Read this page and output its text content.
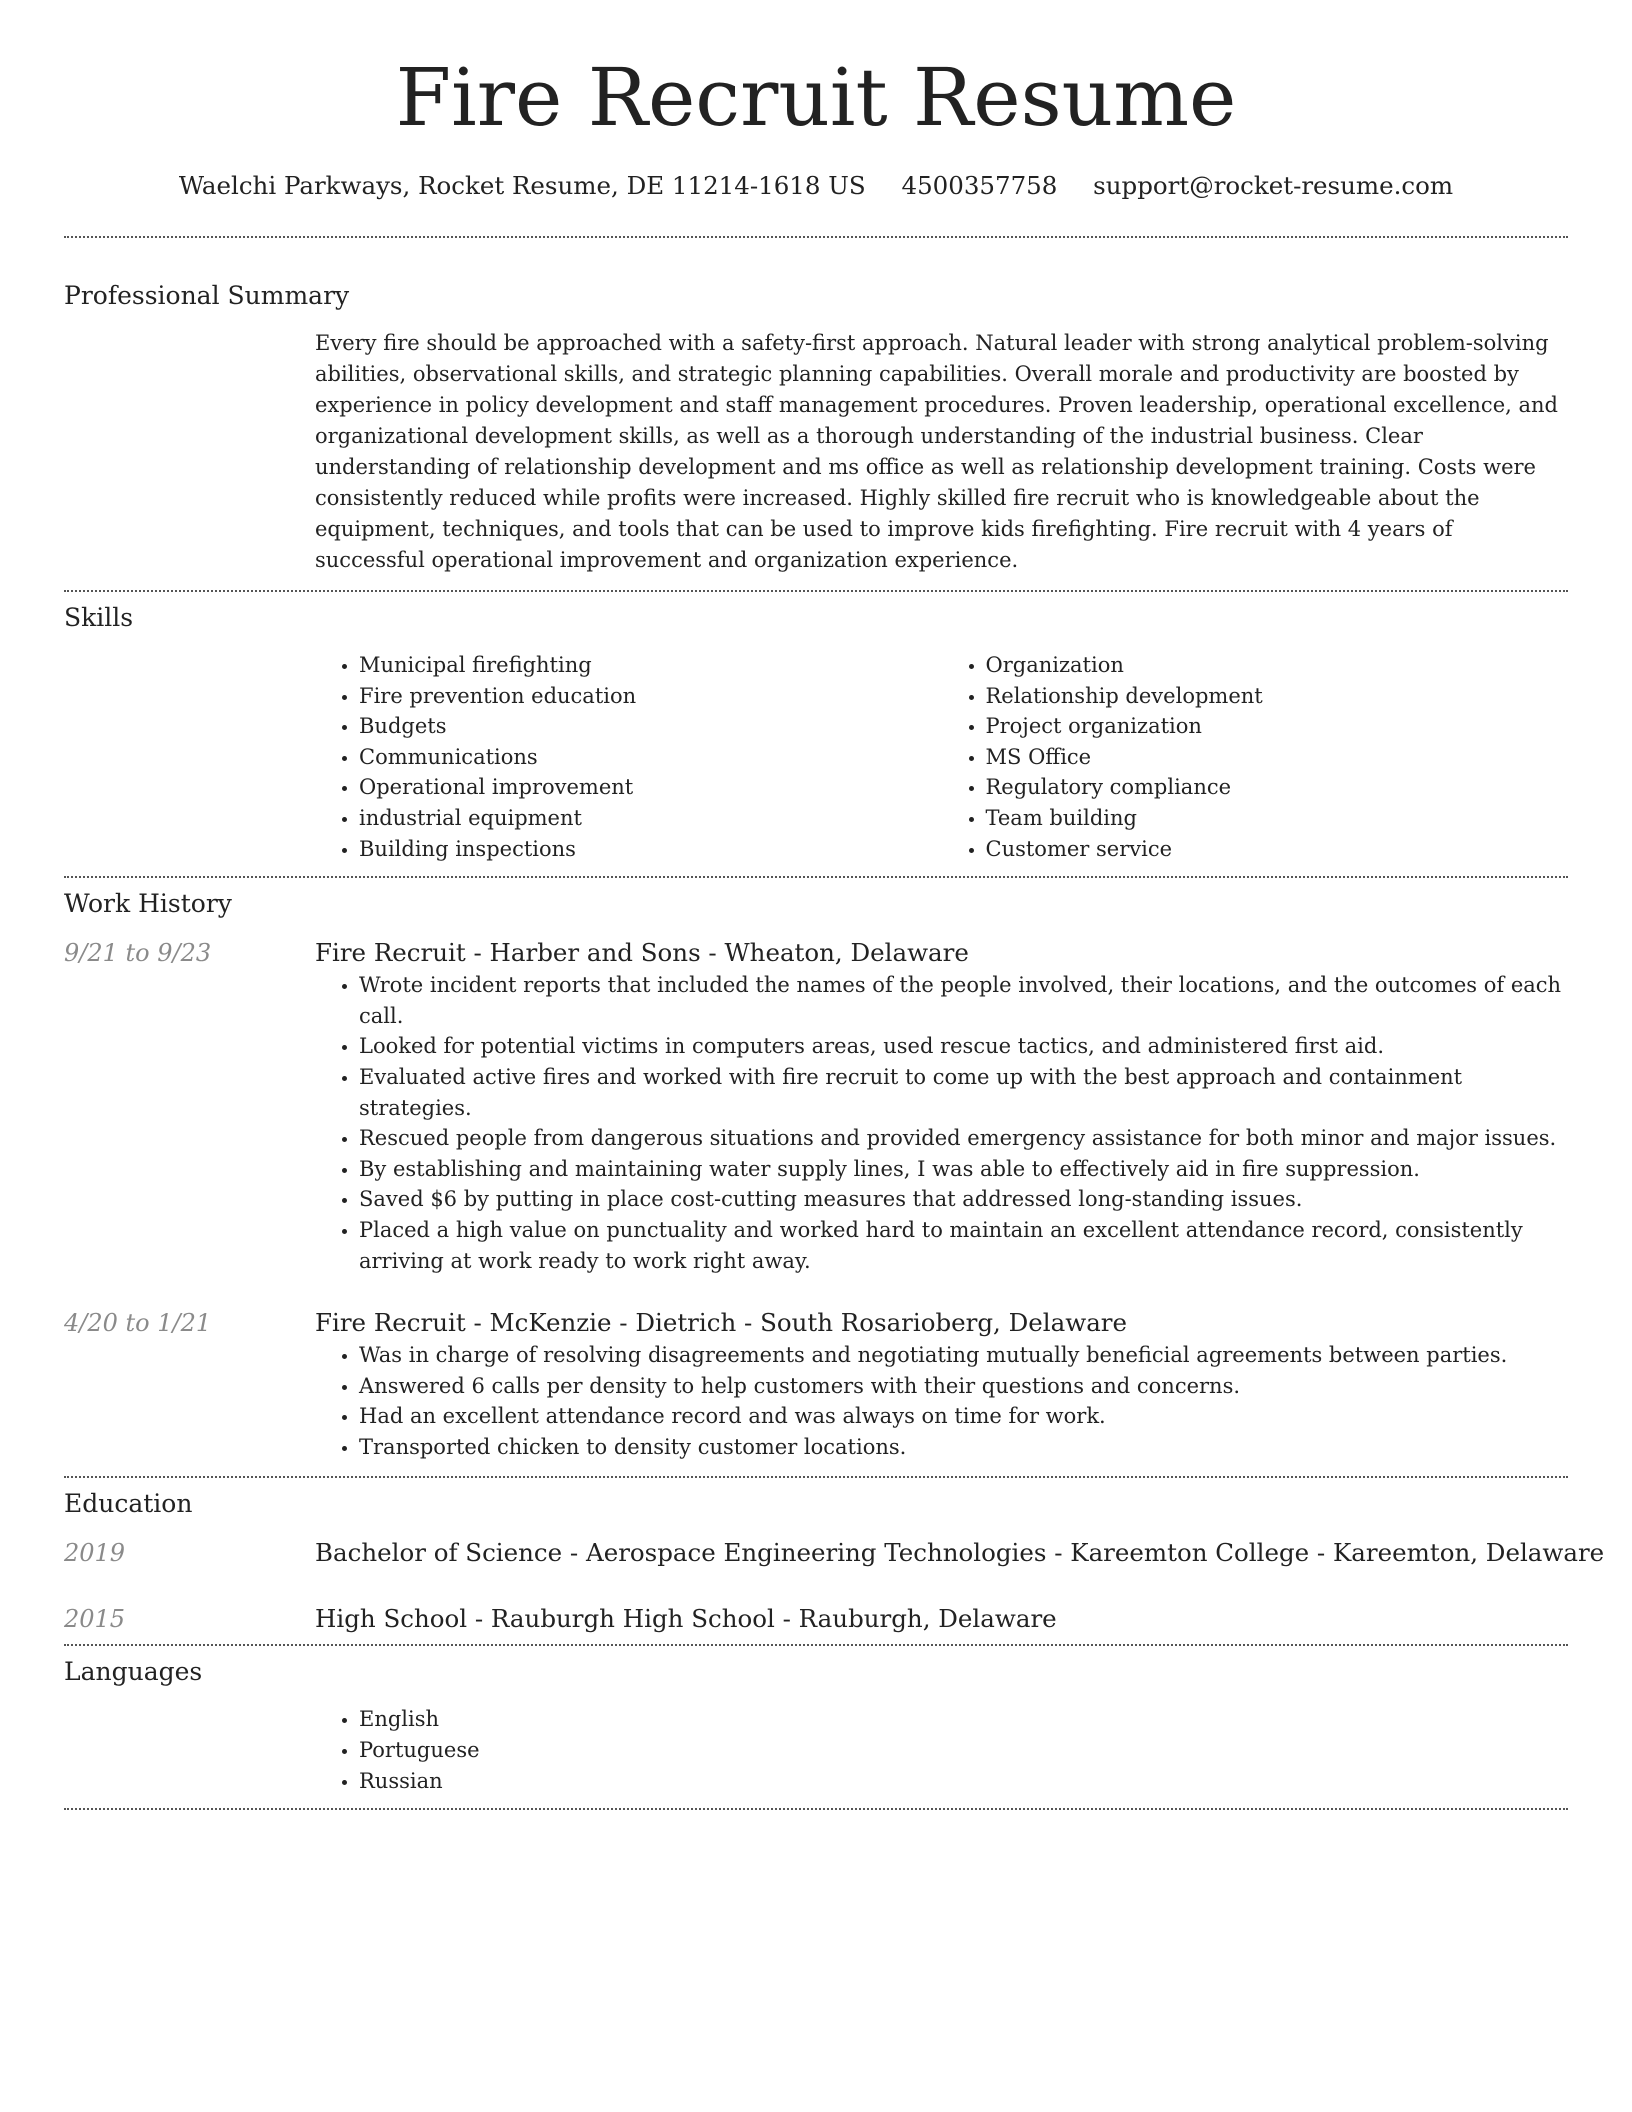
Fire Recruit Resume
Waelchi Parkways, Rocket Resume, DE 11214-1618 US 4500357758 support@rocket-resume.com
Professional Summary

Every fire should be approached with a safety-first approach. Natural leader with strong analytical problem-solving abilities, observational skills, and strategic planning capabilities. Overall morale and productivity are boosted by experience in policy development and staff management procedures. Proven leadership, operational excellence, and organizational development skills, as well as a thorough understanding of the industrial business. Clear understanding of relationship development and ms office as well as relationship development training. Costs were consistently reduced while profits were increased. Highly skilled fire recruit who is knowledgeable about the equipment, techniques, and tools that can be used to improve kids firefighting. Fire recruit with 4 years of successful operational improvement and organization experience.

Skills
• Municipal firefighting
• Fire prevention education
• Budgets
• Communications
• Operational improvement
• industrial equipment
• Building inspections
• Organization
• Relationship development
• Project organization
• MS Office
• Regulatory compliance
• Team building
• Customer service
Work History
9/21 to 9/23	Fire Recruit - Harber and Sons - Wheaton, Delaware
• Wrote incident reports that included the names of the people involved, their locations, and the outcomes of each call.
• Looked for potential victims in computers areas, used rescue tactics, and administered first aid.
• Evaluated active fires and worked with fire recruit to come up with the best approach and containment strategies.
• Rescued people from dangerous situations and provided emergency assistance for both minor and major issues.
• By establishing and maintaining water supply lines, I was able to effectively aid in fire suppression.
• Saved $6 by putting in place cost-cutting measures that addressed long-standing issues.
• Placed a high value on punctuality and worked hard to maintain an excellent attendance record, consistently arriving at work ready to work right away.
4/20 to 1/21	Fire Recruit - McKenzie - Dietrich - South Rosarioberg, Delaware
• Was in charge of resolving disagreements and negotiating mutually beneficial agreements between parties.
• Answered 6 calls per density to help customers with their questions and concerns.
• Had an excellent attendance record and was always on time for work.
• Transported chicken to density customer locations.
Education
2019	Bachelor of Science - Aerospace Engineering Technologies - Kareemton College - Kareemton, Delaware
2015	High School - Rauburgh High School - Rauburgh, Delaware
Languages
• English
• Portuguese
• Russian
